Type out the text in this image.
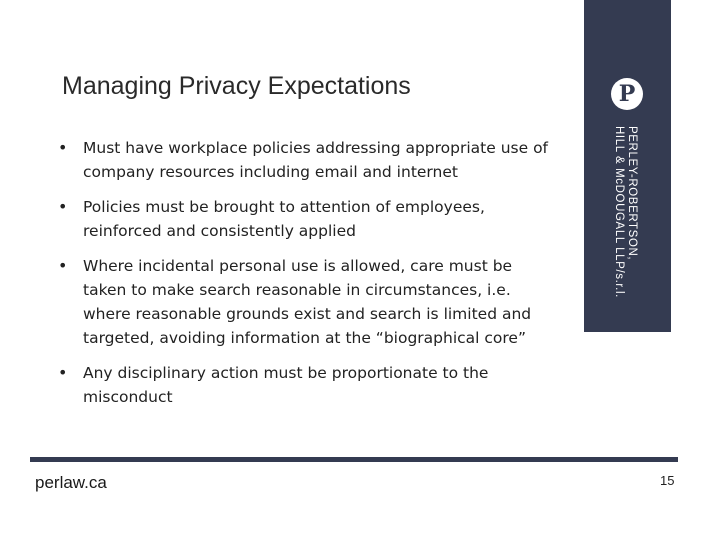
Managing Privacy Expectations
• Must have workplace policies addressing appropriate use of company resources including email and internet
• Policies must be brought to attention of employees, reinforced and consistently applied
• Where incidental personal use is allowed, care must be taken to make search reasonable in circumstances, i.e. where reasonable grounds exist and search is limited and targeted, avoiding information at the “biographical core”
• Any disciplinary action must be proportionate to the misconduct
P
PERLEY-ROBERTSON,
HILL & McDOUGALL LLP/s.r.l.
perlaw.ca	15
